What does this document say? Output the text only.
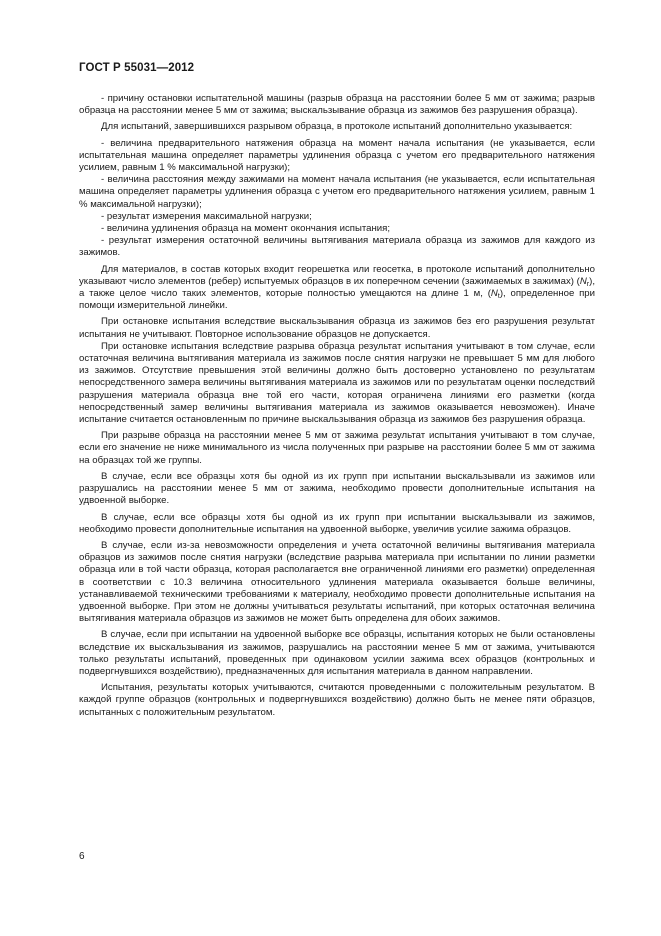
ГОСТ Р 55031—2012

- причину остановки испытательной машины (разрыв образца на расстоянии более 5 мм от зажима; разрыв образца на расстоянии менее 5 мм от зажима; выскальзывание образца из зажимов без разрушения образца).

Для испытаний, завершившихся разрывом образца, в протоколе испытаний дополнительно указывается:

- величина предварительного натяжения образца на момент начала испытания (не указывается, если испытательная машина определяет параметры удлинения образца с учетом его предварительного натяжения усилием, равным 1 % максимальной нагрузки);

- величина расстояния между зажимами на момент начала испытания (не указывается, если испытательная машина определяет параметры удлинения образца с учетом его предварительного натяжения усилием, равным 1 % максимальной нагрузки);

- результат измерения максимальной нагрузки;

- величина удлинения образца на момент окончания испытания;

- результат измерения остаточной величины вытягивания материала образца из зажимов для каждого из зажимов.

Для материалов, в состав которых входит георешетка или геосетка, в протоколе испытаний дополнительно указывают число элементов (ребер) испытуемых образцов в их поперечном сечении (зажимаемых в зажимах) $(N_r)$, а также целое число таких элементов, которые полностью умещаются на длине 1 м, $(N_t)$, определенное при помощи измерительной линейки.

При остановке испытания вследствие выскальзывания образца из зажимов без его разрушения результат испытания не учитывают. Повторное использование образцов не допускается.

При остановке испытания вследствие разрыва образца результат испытания учитывают в том случае, если остаточная величина вытягивания материала из зажимов после снятия нагрузки не превышает 5 мм для любого из зажимов. Отсутствие превышения этой величины должно быть достоверно установлено по результатам непосредственного замера величины вытягивания материала из зажимов или по результатам оценки последствий разрушения материала образца вне той его части, которая ограничена линиями его разметки (когда непосредственный замер величины вытягивания материала из зажимов оказывается невозможен). Иначе испытание считается остановленным по причине выскальзывания образца из зажимов без разрушения образца.

При разрыве образца на расстоянии менее 5 мм от зажима результат испытания учитывают в том случае, если его значение не ниже минимального из числа полученных при разрыве на расстоянии более 5 мм от зажима на образцах той же группы.

В случае, если все образцы хотя бы одной из их групп при испытании выскальзывали из зажимов или разрушались на расстоянии менее 5 мм от зажима, необходимо провести дополнительные испытания на удвоенной выборке.

В случае, если все образцы хотя бы одной из их групп при испытании выскальзывали из зажимов, необходимо провести дополнительные испытания на удвоенной выборке, увеличив усилие зажима образцов.

В случае, если из-за невозможности определения и учета остаточной величины вытягивания материала образцов из зажимов после снятия нагрузки (вследствие разрыва материала при испытании по линии разметки образца или в той части образца, которая располагается вне ограниченной линиями его разметки) определенная в соответствии с 10.3 величина относительного удлинения материала оказывается больше величины, устанавливаемой техническими требованиями к материалу, необходимо провести дополнительные испытания на удвоенной выборке. При этом не должны учитываться результаты испытаний, при которых остаточная величина вытягивания материала образцов из зажимов не может быть определена для обоих зажимов.

В случае, если при испытании на удвоенной выборке все образцы, испытания которых не были остановлены вследствие их выскальзывания из зажимов, разрушались на расстоянии менее 5 мм от зажима, учитываются только результаты испытаний, проведенных при одинаковом усилии зажима всех образцов (контрольных и подвергнувшихся воздействию), предназначенных для испытания материала в данном направлении.

Испытания, результаты которых учитываются, считаются проведенными с положительным результатом. В каждой группе образцов (контрольных и подвергнувшихся воздействию) должно быть не менее пяти образцов, испытанных с положительным результатом.

6
